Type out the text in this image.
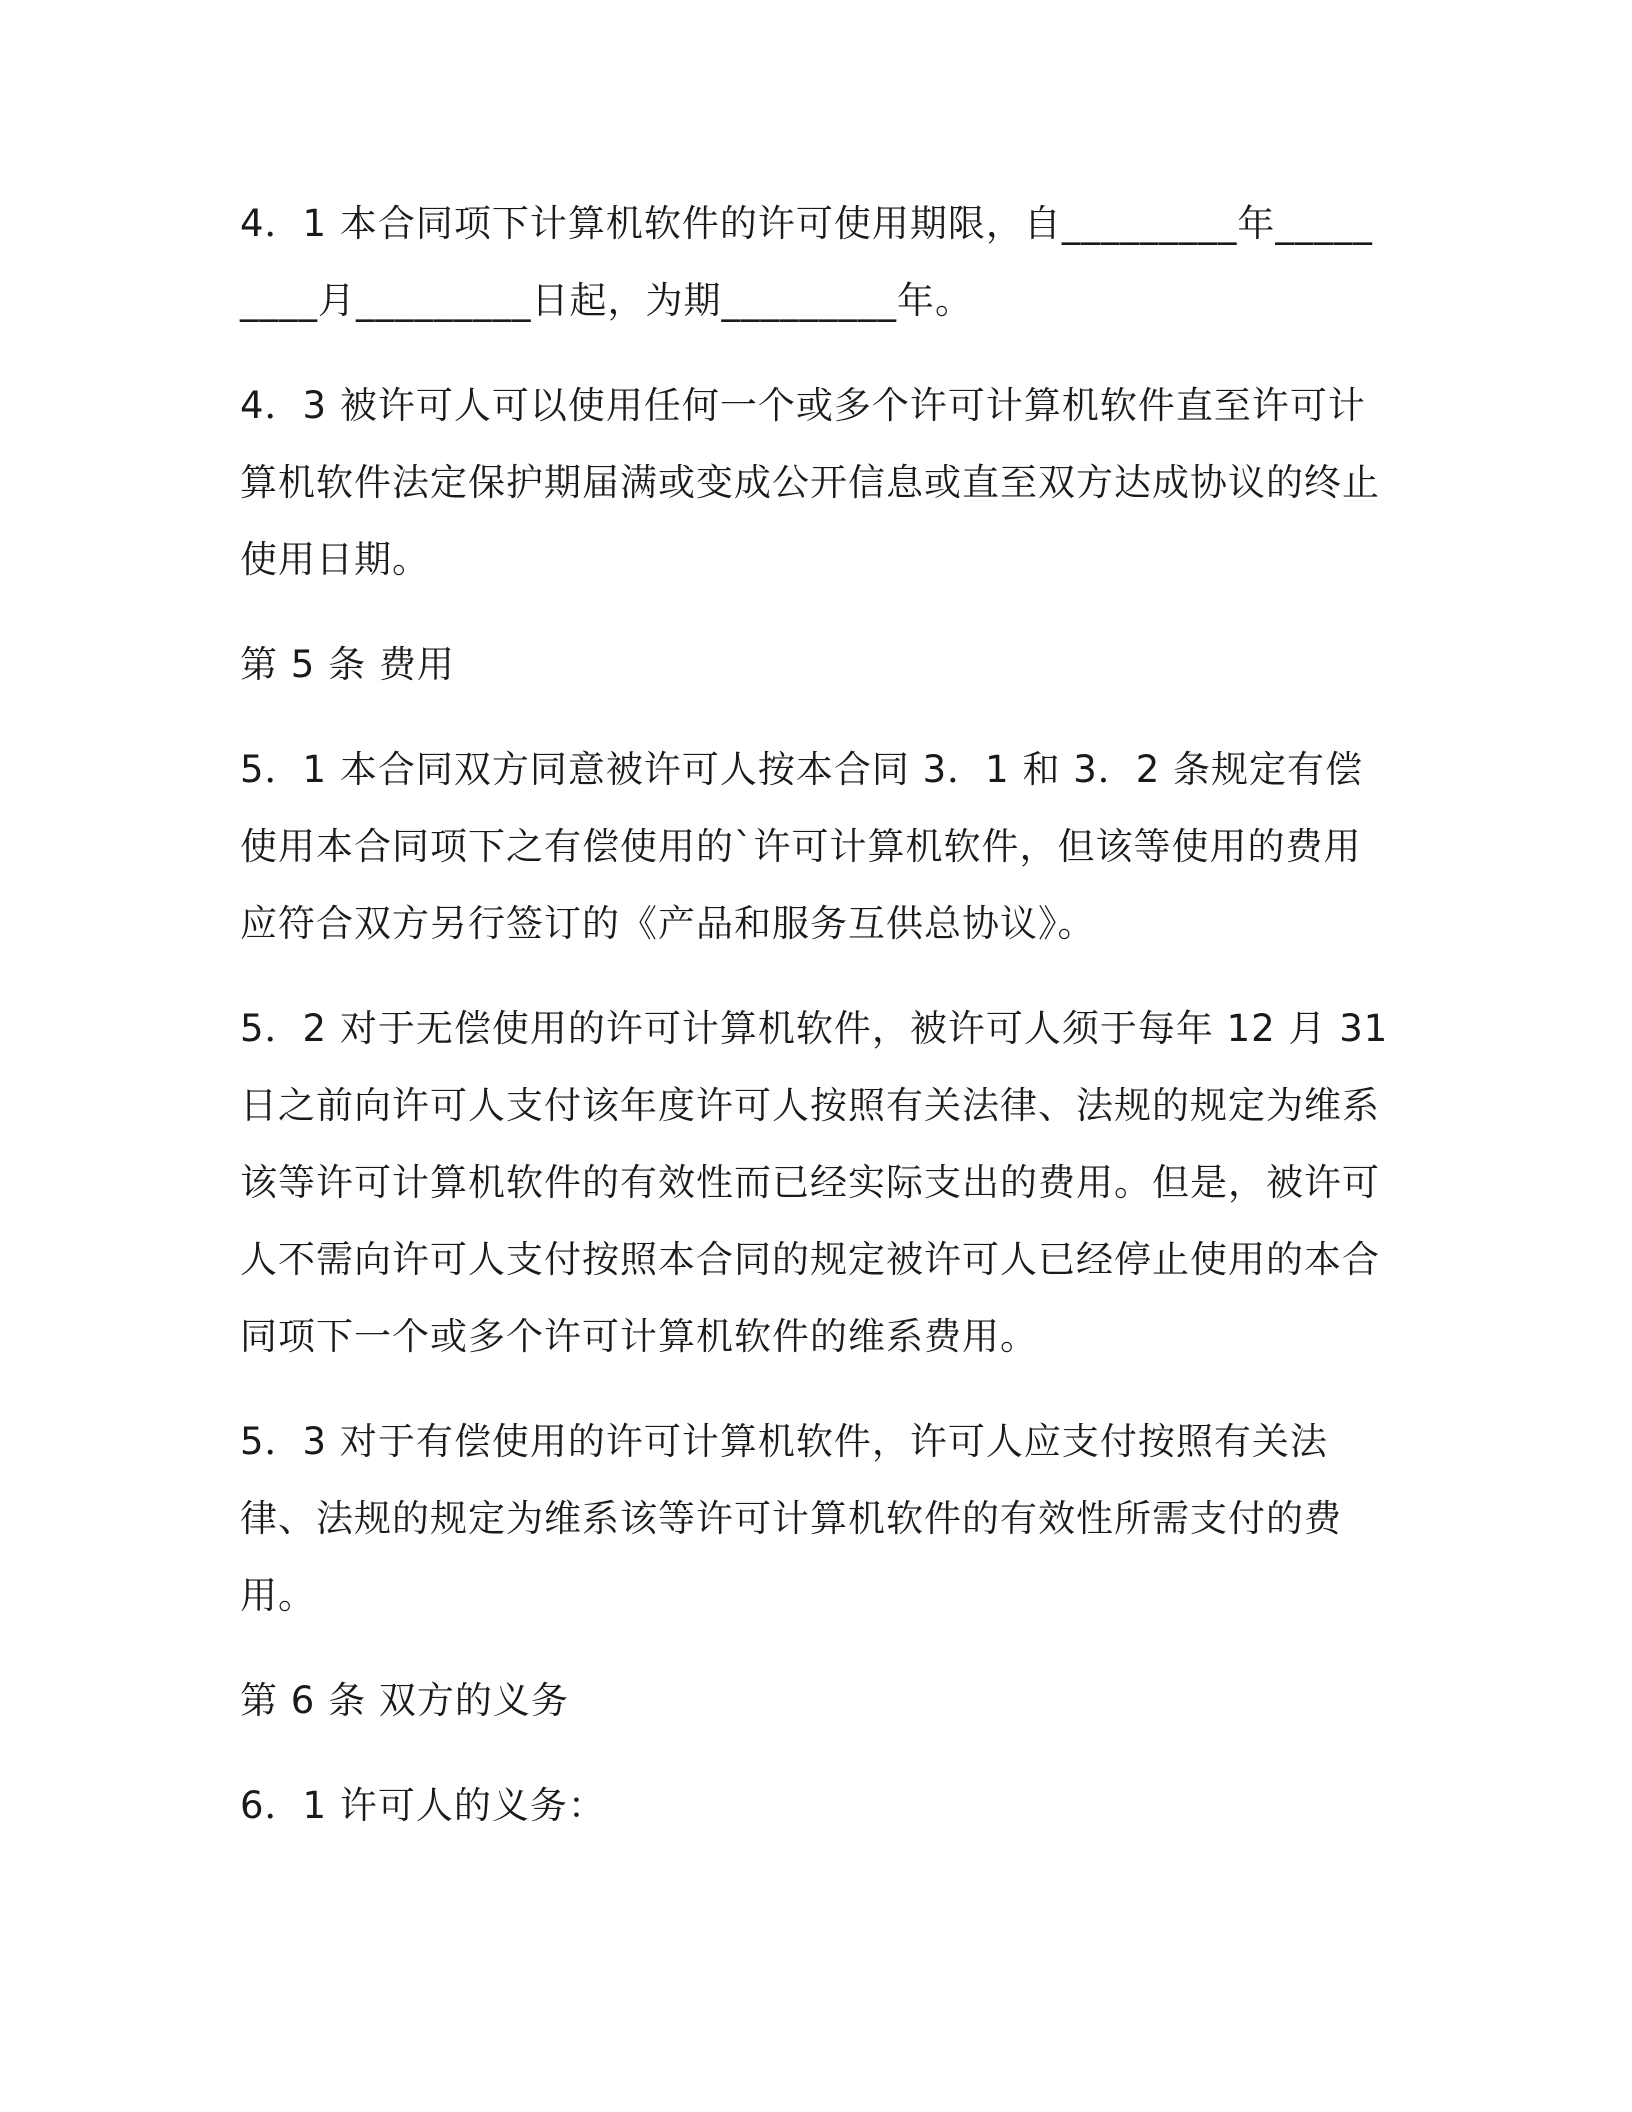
4．1 本合同项下计算机软件的许可使用期限，自_________年_________月_________日起，为期_________年。

4．3 被许可人可以使用任何一个或多个许可计算机软件直至许可计算机软件法定保护期届满或变成公开信息或直至双方达成协议的终止使用日期。

第 5 条 费用

5．1 本合同双方同意被许可人按本合同 3．1 和 3．2 条规定有偿使用本合同项下之有偿使用的`许可计算机软件，但该等使用的费用应符合双方另行签订的《产品和服务互供总协议》。

5．2 对于无偿使用的许可计算机软件，被许可人须于每年 12 月 31 日之前向许可人支付该年度许可人按照有关法律、法规的规定为维系该等许可计算机软件的有效性而已经实际支出的费用。但是，被许可人不需向许可人支付按照本合同的规定被许可人已经停止使用的本合同项下一个或多个许可计算机软件的维系费用。

5．3 对于有偿使用的许可计算机软件，许可人应支付按照有关法律、法规的规定为维系该等许可计算机软件的有效性所需支付的费用。

第 6 条 双方的义务

6．1 许可人的义务：
